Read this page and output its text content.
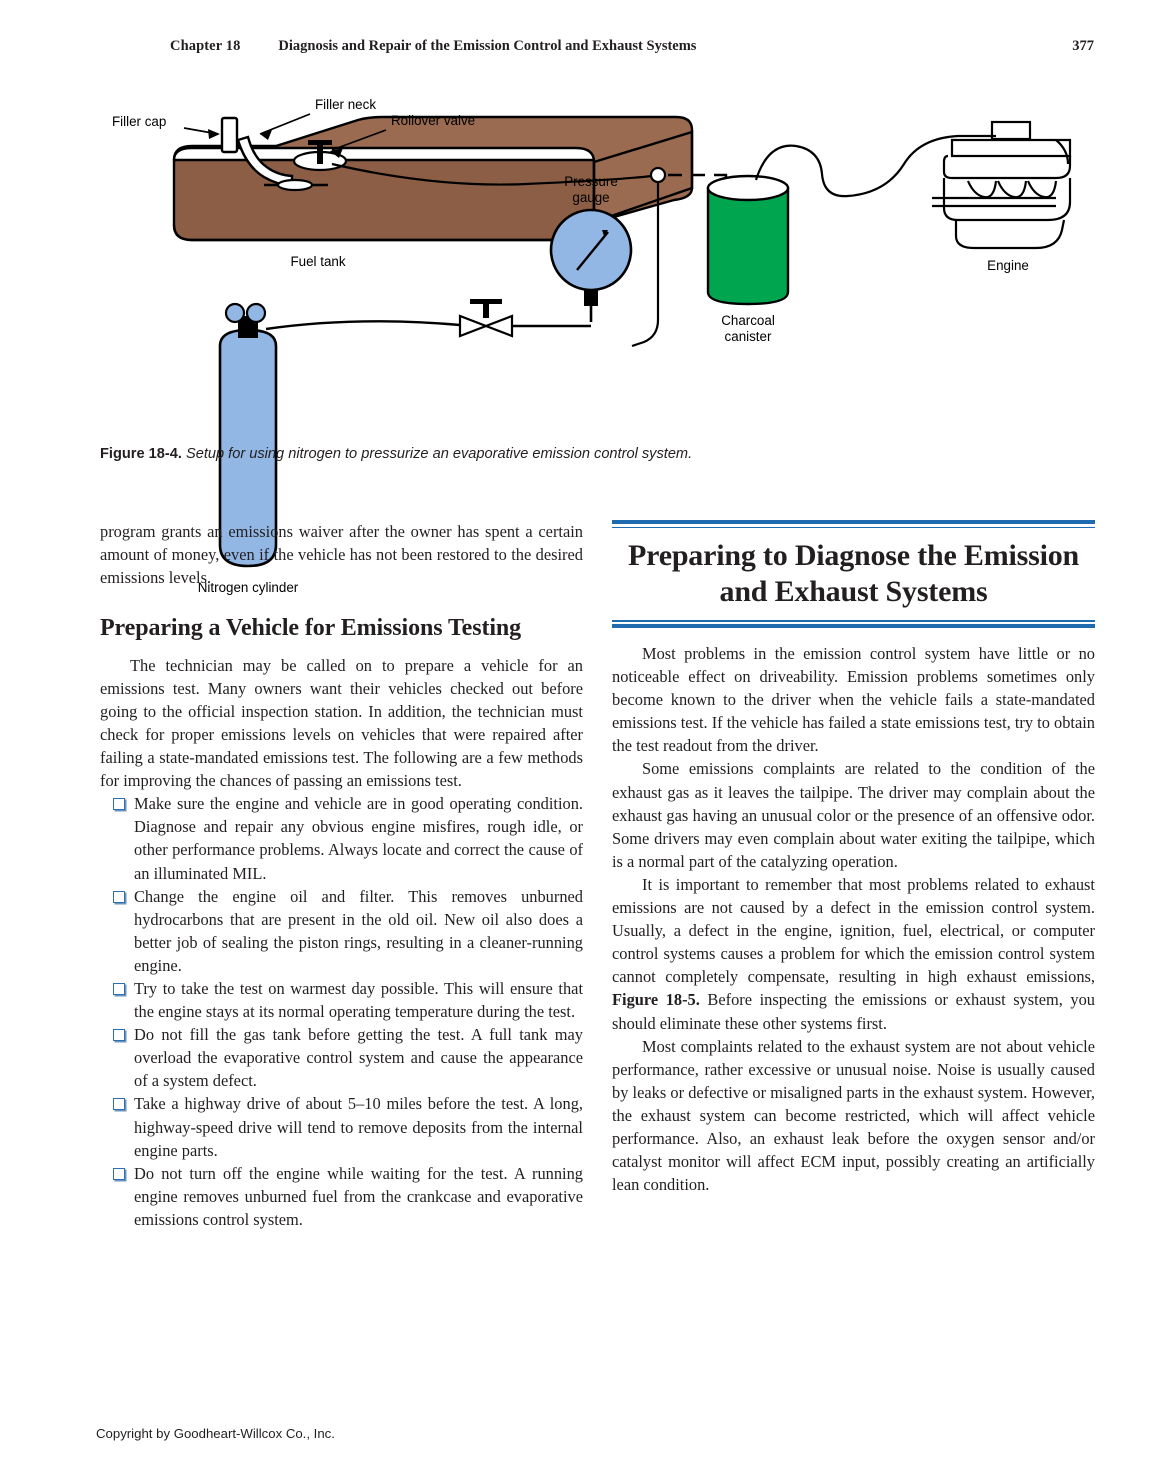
Chapter 18	Diagnosis and Repair of the Emission Control and Exhaust Systems	377
Filler neck
Filler cap	Rollover valve
Fuel tank
Pressure
gauge
Charcoal
canister
Engine
Nitrogen cylinder
Figure 18-4. Setup for using nitrogen to pressurize an evaporative emission control system.

program grants an emissions waiver after the owner has spent a certain amount of money, even if the vehicle has not been restored to the desired emissions levels.

Preparing a Vehicle for Emissions Testing

The technician may be called on to prepare a vehicle for an emissions test. Many owners want their vehicles checked out before going to the official inspection station. In addition, the technician must check for proper emissions levels on vehicles that were repaired after failing a state-mandated emissions test. The following are a few methods for improving the chances of passing an emissions test.

Make sure the engine and vehicle are in good operating condition. Diagnose and repair any obvious engine misfires, rough idle, or other performance problems. Always locate and correct the cause of an illuminated MIL.
Change the engine oil and filter. This removes unburned hydrocarbons that are present in the old oil. New oil also does a better job of sealing the piston rings, resulting in a cleaner-running engine.
Try to take the test on warmest day possible. This will ensure that the engine stays at its normal operating temperature during the test.
Do not fill the gas tank before getting the test. A full tank may overload the evaporative control system and cause the appearance of a system defect.
Take a highway drive of about 5–10 miles before the test. A long, highway-speed drive will tend to remove deposits from the internal engine parts.
Do not turn off the engine while waiting for the test. A running engine removes unburned fuel from the crankcase and evaporative emissions control system.
Preparing to Diagnose the Emission
and Exhaust Systems

Most problems in the emission control system have little or no noticeable effect on driveability. Emission problems sometimes only become known to the driver when the vehicle fails a state-mandated emissions test. If the vehicle has failed a state emissions test, try to obtain the test readout from the driver.

Some emissions complaints are related to the condition of the exhaust gas as it leaves the tailpipe. The driver may complain about the exhaust gas having an unusual color or the presence of an offensive odor. Some drivers may even complain about water exiting the tailpipe, which is a normal part of the catalyzing operation.

It is important to remember that most problems related to exhaust emissions are not caused by a defect in the emission control system. Usually, a defect in the engine, ignition, fuel, electrical, or computer control systems causes a problem for which the emission control system cannot completely compensate, resulting in high exhaust emissions, Figure 18-5. Before inspecting the emissions or exhaust system, you should eliminate these other systems first.

Most complaints related to the exhaust system are not about vehicle performance, rather excessive or unusual noise. Noise is usually caused by leaks or defective or misaligned parts in the exhaust system. However, the exhaust system can become restricted, which will affect vehicle performance. Also, an exhaust leak before the oxygen sensor and/or catalyst monitor will affect ECM input, possibly creating an artificially lean condition.

Copyright by Goodheart-Willcox Co., Inc.
